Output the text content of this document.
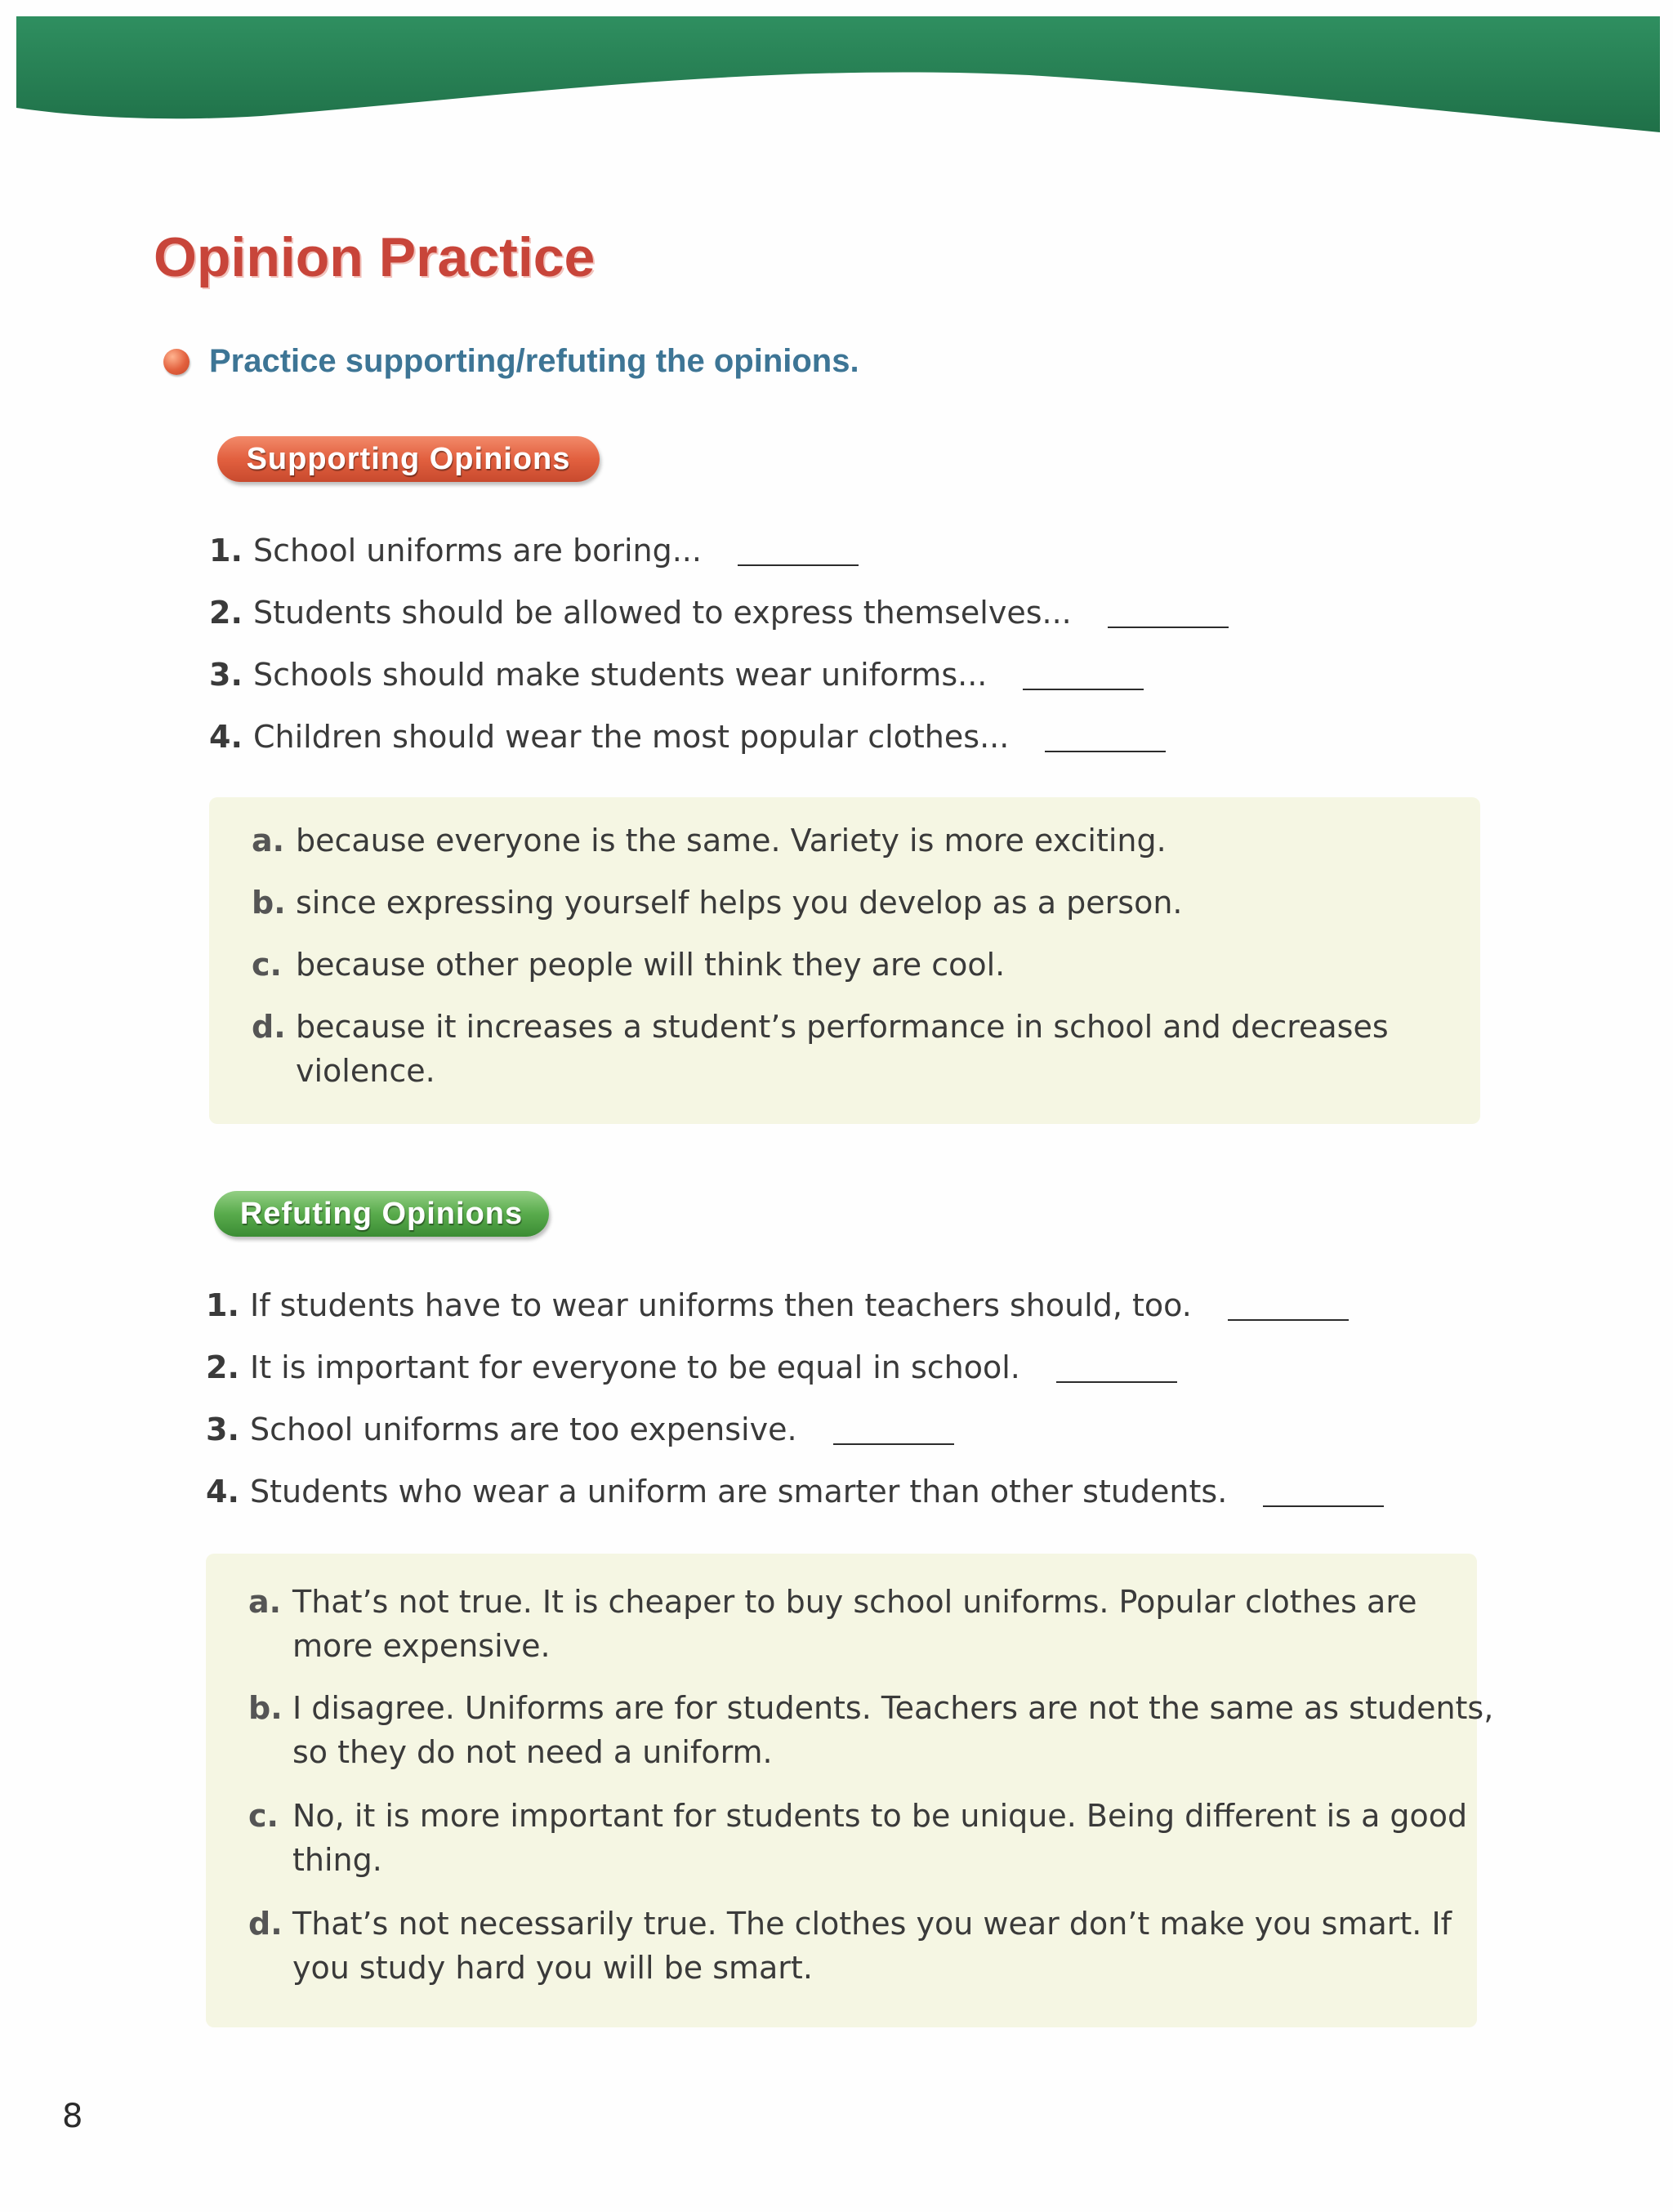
Opinion Practice
Practice supporting/refuting the opinions.
Supporting Opinions
1. School uniforms are boring...
2. Students should be allowed to express themselves...
3. Schools should make students wear uniforms...
4. Children should wear the most popular clothes...
a. because everyone is the same. Variety is more exciting.
b. since expressing yourself helps you develop as a person.
c. because other people will think they are cool.
d. because it increases a student’s performance in school and decreases
violence.
Refuting Opinions
1. If students have to wear uniforms then teachers should, too.
2. It is important for everyone to be equal in school.
3. School uniforms are too expensive.
4. Students who wear a uniform are smarter than other students.
a. That’s not true. It is cheaper to buy school uniforms. Popular clothes are
more expensive.
b. I disagree. Uniforms are for students. Teachers are not the same as students,
so they do not need a uniform.
c. No, it is more important for students to be unique. Being different is a good
thing.
d. That’s not necessarily true. The clothes you wear don’t make you smart. If
you study hard you will be smart.
8
